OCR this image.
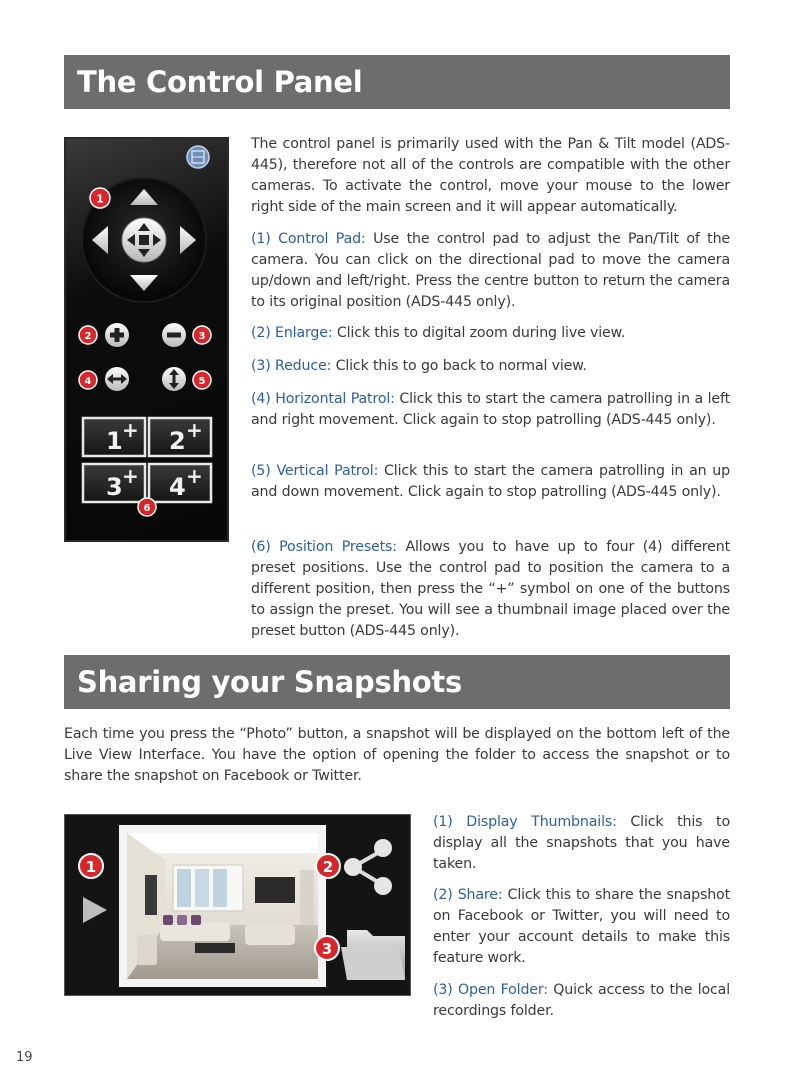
The Control Panel
1 + 2 +
3 + 4 +
1
2	3
4	5
6

The control panel is primarily used with the Pan & Tilt model (ADS-445), therefore not all of the controls are compatible with the other cameras. To activate the control, move your mouse to the lower right side of the main screen and it will appear automatically.

(1) Control Pad: Use the control pad to adjust the Pan/Tilt of the camera. You can click on the directional pad to move the camera up/down and left/right. Press the centre button to return the camera to its original position (ADS-445 only).

(2) Enlarge: Click this to digital zoom during live view.

(3) Reduce: Click this to go back to normal view.

(4) Horizontal Patrol: Click this to start the camera patrolling in a left and right movement. Click again to stop patrolling (ADS-445 only).

(5) Vertical Patrol: Click this to start the camera patrolling in an up and down movement. Click again to stop patrolling (ADS-445 only).

(6) Position Presets: Allows you to have up to four (4) different preset positions. Use the control pad to position the camera to a different position, then press the “+” symbol on one of the buttons to assign the preset. You will see a thumbnail image placed over the preset button (ADS-445 only).

Sharing your Snapshots

Each time you press the “Photo” button, a snapshot will be displayed on the bottom left of the Live View Interface. You have the option of opening the folder to access the snapshot or to share the snapshot on Facebook or Twitter.

1	2
3

(1) Display Thumbnails: Click this to display all the snapshots that you have taken.

(2) Share: Click this to share the snapshot on Facebook or Twitter, you will need to enter your account details to make this feature work.

(3) Open Folder: Quick access to the local recordings folder.

19
